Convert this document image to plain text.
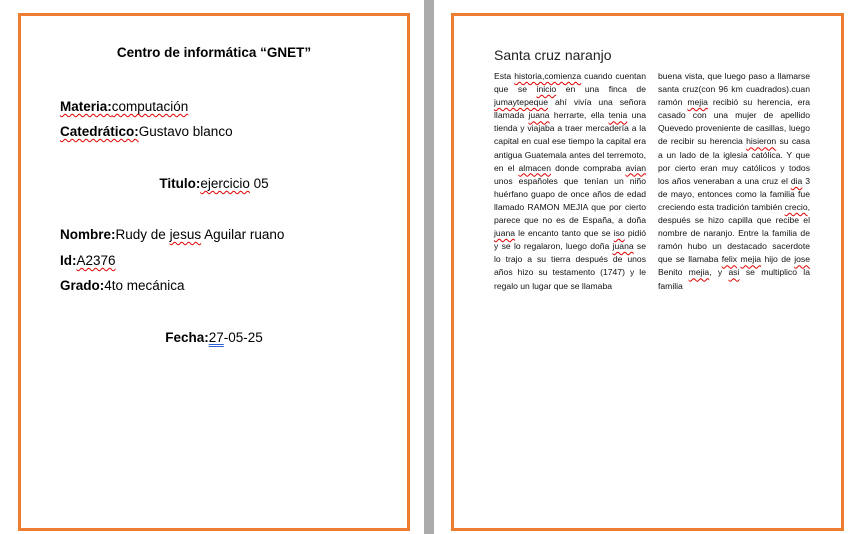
Centro de informática “GNET”
Materia:computación
Catedrático:Gustavo blanco
Titulo:ejercicio 05
Nombre:Rudy de jesus Aguilar ruano
Id:A2376
Grado:4to mecánica
Fecha:27-05-25
Santa cruz naranjo
Esta historia,comienza cuando cuentan que se inicio en una finca de jumaytepeque ahí vivía una señora llamada juana herrarte, ella tenia una tienda y viajaba a traer mercadería a la capital en cual ese tiempo la capital era antigua Guatemala antes del terremoto, en el almacen donde compraba avian unos españoles que tenían un niño huérfano guapo de once años de edad llamado RAMON MEJIA que por cierto parece que no es de España, a doña juana le encanto tanto que se iso pidió y se lo regalaron, luego doña juana se lo trajo a su tierra después de unos años hizo su testamento (1747) y le regalo un lugar que se llamaba
buena vista, que luego paso a llamarse santa cruz(con 96 km cuadrados).cuan ramón mejia recibió su herencia, era casado con una mujer de apellido Quevedo proveniente de casillas, luego de recibir su herencia hisieron su casa a un lado de la iglesia católica. Y que por cierto eran muy católicos y todos los años veneraban a una cruz el dia 3 de mayo, entonces como la familia fue creciendo esta tradición también crecio, después se hizo capilla que recibe el nombre de naranjo. Entre la familia de ramón hubo un destacado sacerdote que se llamaba felix mejia hijo de jose Benito mejia, y asi se multiplico la familia
